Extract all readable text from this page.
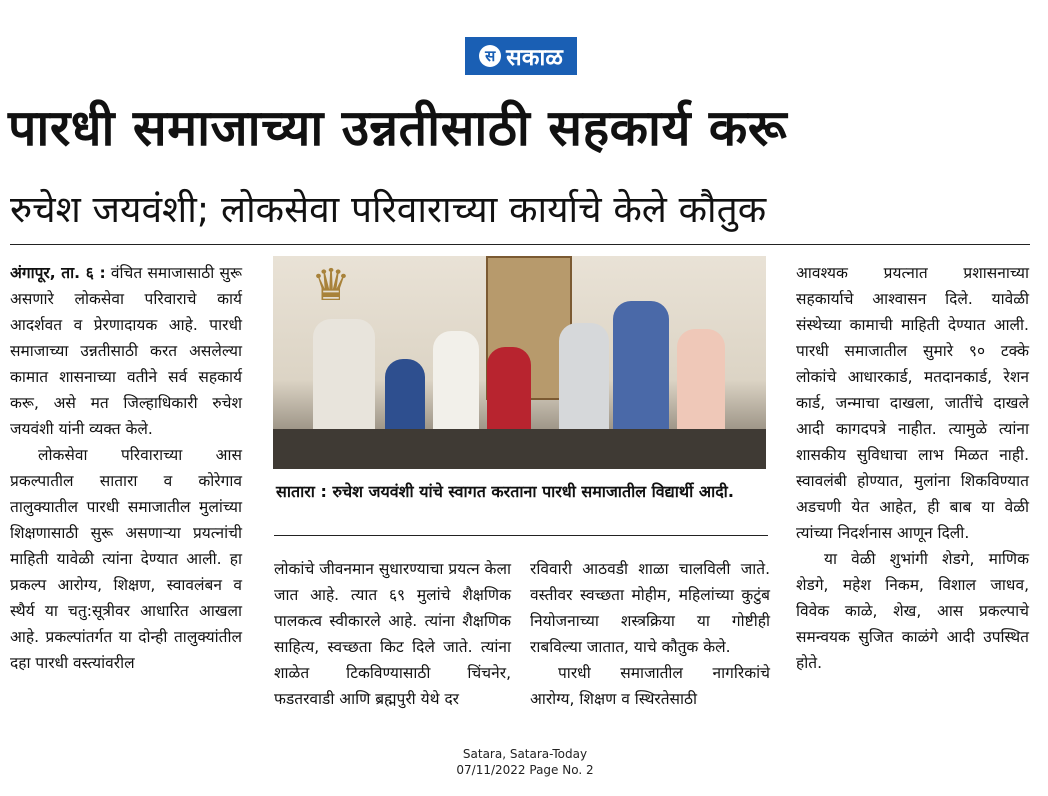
स सकाळ
पारधी समाजाच्या उन्नतीसाठी सहकार्य करू
रुचेश जयवंशी; लोकसेवा परिवाराच्या कार्याचे केले कौतुक

अंगापूर, ता. ६ : वंचित समाजासाठी सुरू असणारे लोकसेवा परिवाराचे कार्य आदर्शवत व प्रेरणादायक आहे. पारधी समाजाच्या उन्नतीसाठी करत असलेल्या कामात शासनाच्या वतीने सर्व सहकार्य करू, असे मत जिल्हाधिकारी रुचेश जयवंशी यांनी व्यक्त केले.

लोकसेवा परिवाराच्या आस प्रकल्पातील सातारा व कोरेगाव तालुक्यातील पारधी समाजातील मुलांच्या शिक्षणासाठी सुरू असणाऱ्या प्रयत्नांची माहिती यावेळी त्यांना देण्यात आली. हा प्रकल्प आरोग्य, शिक्षण, स्वावलंबन व स्थैर्य या चतु:सूत्रीवर आधारित आखला आहे. प्रकल्पांतर्गत या दोन्ही तालुक्यांतील दहा पारधी वस्त्यांवरील

♛
सातारा : रुचेश जयवंशी यांचे स्वागत करताना पारधी समाजातील विद्यार्थी आदी.

लोकांचे जीवनमान सुधारण्याचा प्रयत्न केला जात आहे. त्यात ६९ मुलांचे शैक्षणिक पालकत्व स्वीकारले आहे. त्यांना शैक्षणिक साहित्य, स्वच्छता किट दिले जाते. त्यांना शाळेत टिकविण्यासाठी चिंचनेर, फडतरवाडी आणि ब्रह्मपुरी येथे दर

रविवारी आठवडी शाळा चालविली जाते. वस्तीवर स्वच्छता मोहीम, महिलांच्या कुटुंब नियोजनाच्या शस्त्रक्रिया या गोष्टीही राबविल्या जातात, याचे कौतुक केले.

पारधी समाजातील नागरिकांचे आरोग्य, शिक्षण व स्थिरतेसाठी

आवश्यक प्रयत्नात प्रशासनाच्या सहकार्याचे आश्वासन दिले. यावेळी संस्थेच्या कामाची माहिती देण्यात आली. पारधी समाजातील सुमारे ९० टक्के लोकांचे आधारकार्ड, मतदानकार्ड, रेशन कार्ड, जन्माचा दाखला, जातींचे दाखले आदी कागदपत्रे नाहीत. त्यामुळे त्यांना शासकीय सुविधाचा लाभ मिळत नाही. स्वावलंबी होण्यात, मुलांना शिकविण्यात अडचणी येत आहेत, ही बाब या वेळी त्यांच्या निदर्शनास आणून दिली.

या वेळी शुभांगी शेडगे, माणिक शेडगे, महेश निकम, विशाल जाधव, विवेक काळे, शेख, आस प्रकल्पाचे समन्वयक सुजित काळंगे आदी उपस्थित होते.

Satara, Satara-Today
07/11/2022 Page No. 2
